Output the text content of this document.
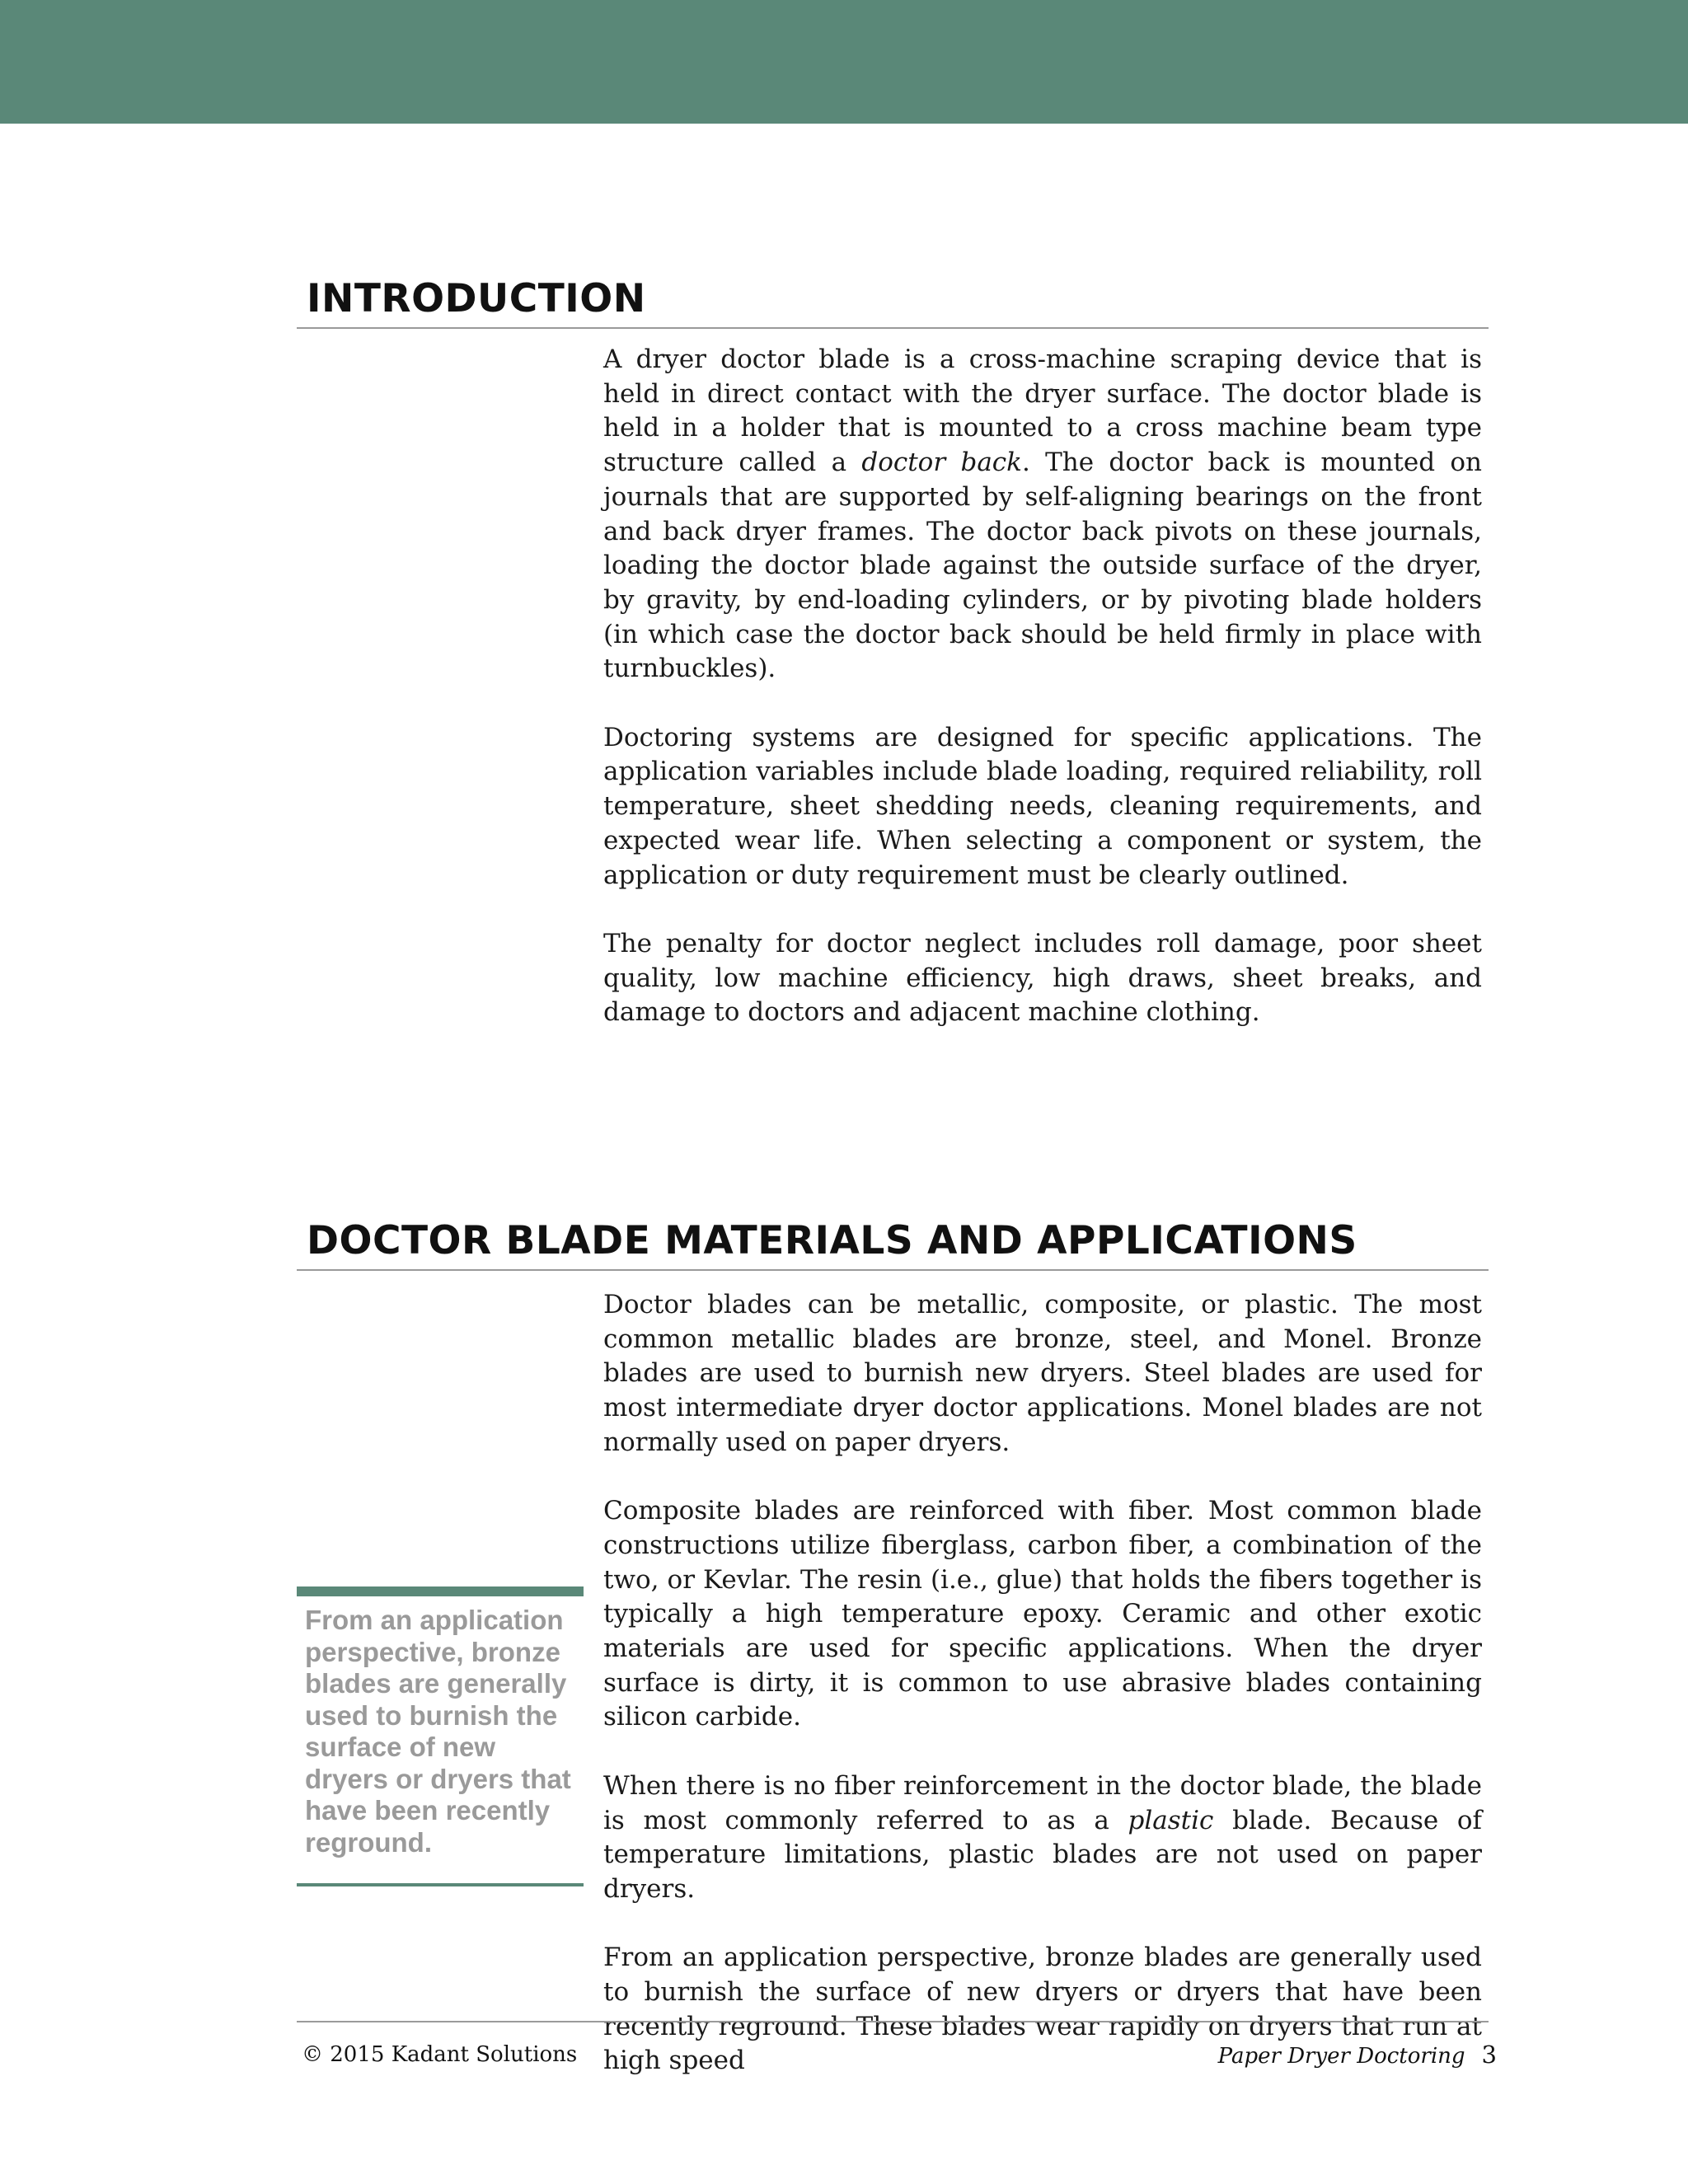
INTRODUCTION

A dryer doctor blade is a cross-machine scraping device that is held in direct contact with the dryer surface. The doctor blade is held in a holder that is mounted to a cross machine beam type structure called a doctor back. The doctor back is mounted on journals that are supported by self-aligning bearings on the front and back dryer frames. The doctor back pivots on these journals, loading the doctor blade against the outside surface of the dryer, by gravity, by end-loading cylinders, or by pivoting blade holders (in which case the doctor back should be held firmly in place with turnbuckles).

Doctoring systems are designed for specific applications. The application variables include blade loading, required reliability, roll temperature, sheet shedding needs, cleaning requirements, and expected wear life. When selecting a component or system, the application or duty requirement must be clearly outlined.

The penalty for doctor neglect includes roll damage, poor sheet quality, low machine efficiency, high draws, sheet breaks, and damage to doctors and adjacent machine clothing.

DOCTOR BLADE MATERIALS AND APPLICATIONS

Doctor blades can be metallic, composite, or plastic. The most common metallic blades are bronze, steel, and Monel. Bronze blades are used to burnish new dryers. Steel blades are used for most intermediate dryer doctor applications. Monel blades are not normally used on paper dryers.

Composite blades are reinforced with fiber. Most common blade constructions utilize fiberglass, carbon fiber, a combination of the two, or Kevlar. The resin (i.e., glue) that holds the fibers together is typically a high temperature epoxy. Ceramic and other exotic materials are used for specific applications. When the dryer surface is dirty, it is common to use abrasive blades containing silicon carbide.

When there is no fiber reinforcement in the doctor blade, the blade is most commonly referred to as a plastic blade. Because of temperature limitations, plastic blades are not used on paper dryers.

From an application perspective, bronze blades are generally used to burnish the surface of new dryers or dryers that have been recently reground. These blades wear rapidly on dryers that run at high speed

From an application perspective, bronze blades are generally used to burnish the surface of new dryers or dryers that have been recently reground.
© 2015 Kadant Solutions	Paper Dryer Doctoring 3
